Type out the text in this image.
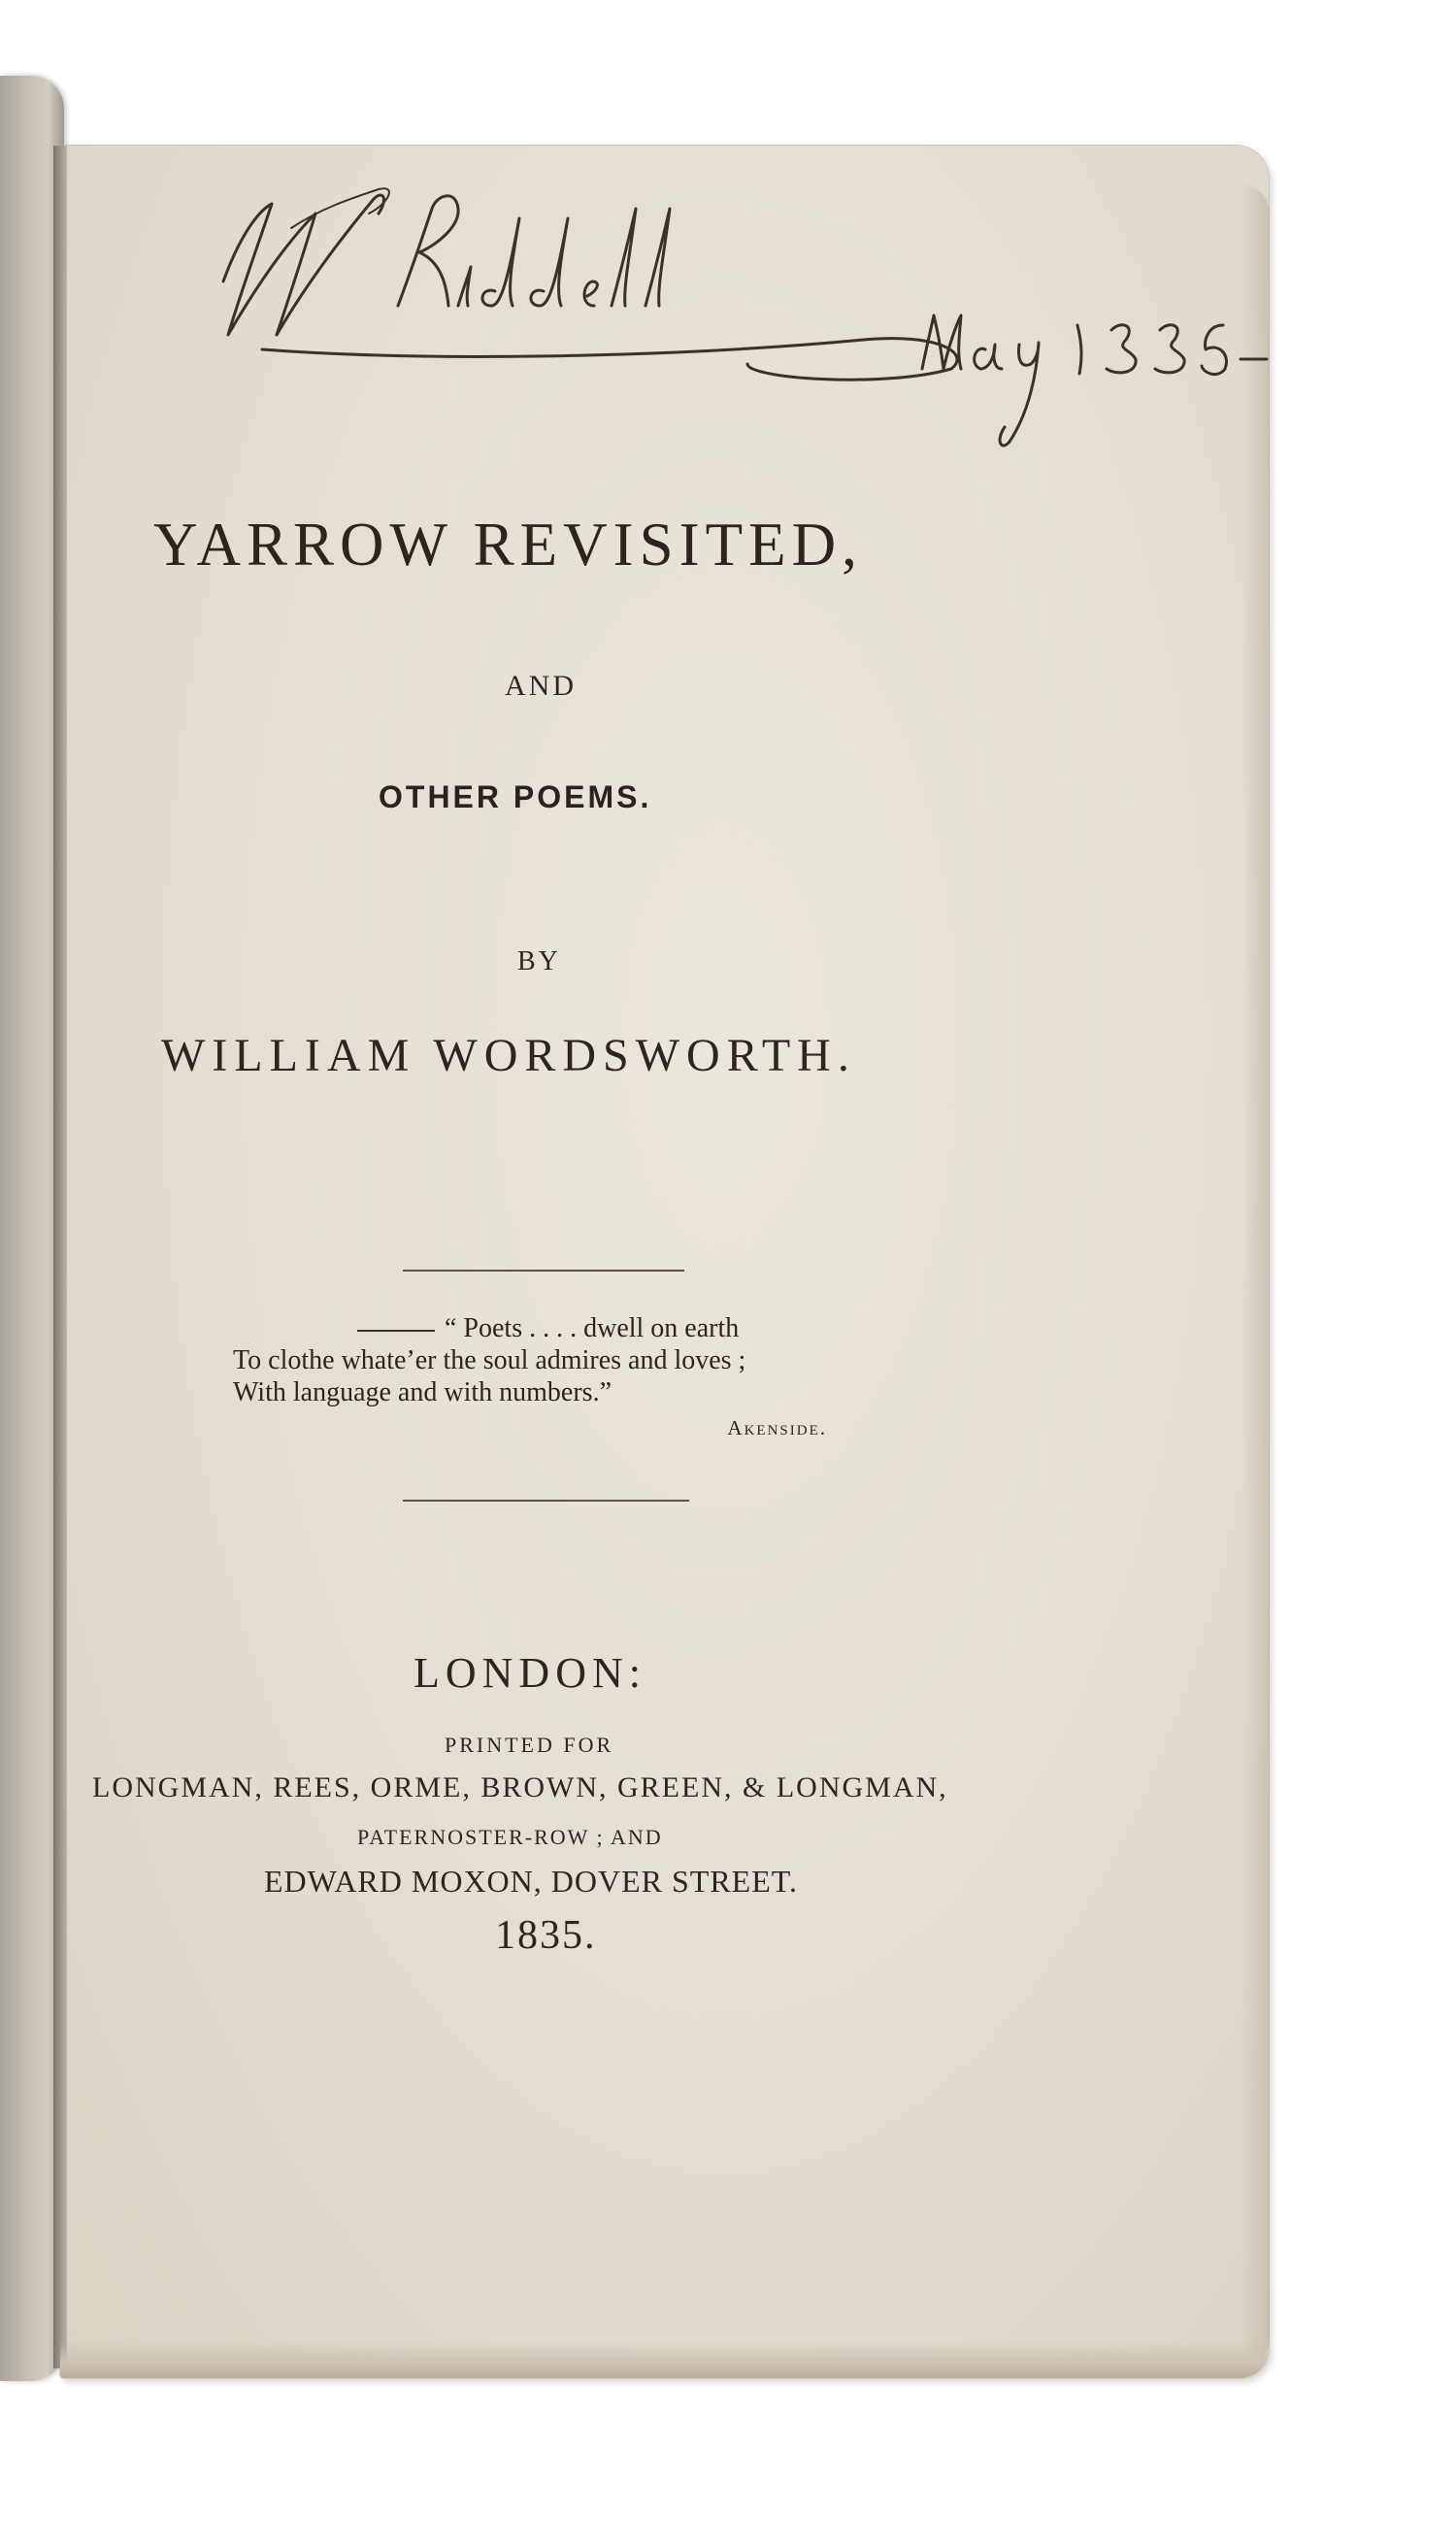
YARROW REVISITED,
AND
OTHER POEMS.
BY
WILLIAM WORDSWORTH.
“ Poets . . . . dwell on earth
To clothe whate’er the soul admires and loves ;
With language and with numbers.”
Akenside.
LONDON:
PRINTED FOR
LONGMAN, REES, ORME, BROWN, GREEN, & LONGMAN,
PATERNOSTER-ROW ; AND
EDWARD MOXON, DOVER STREET.
1835.
